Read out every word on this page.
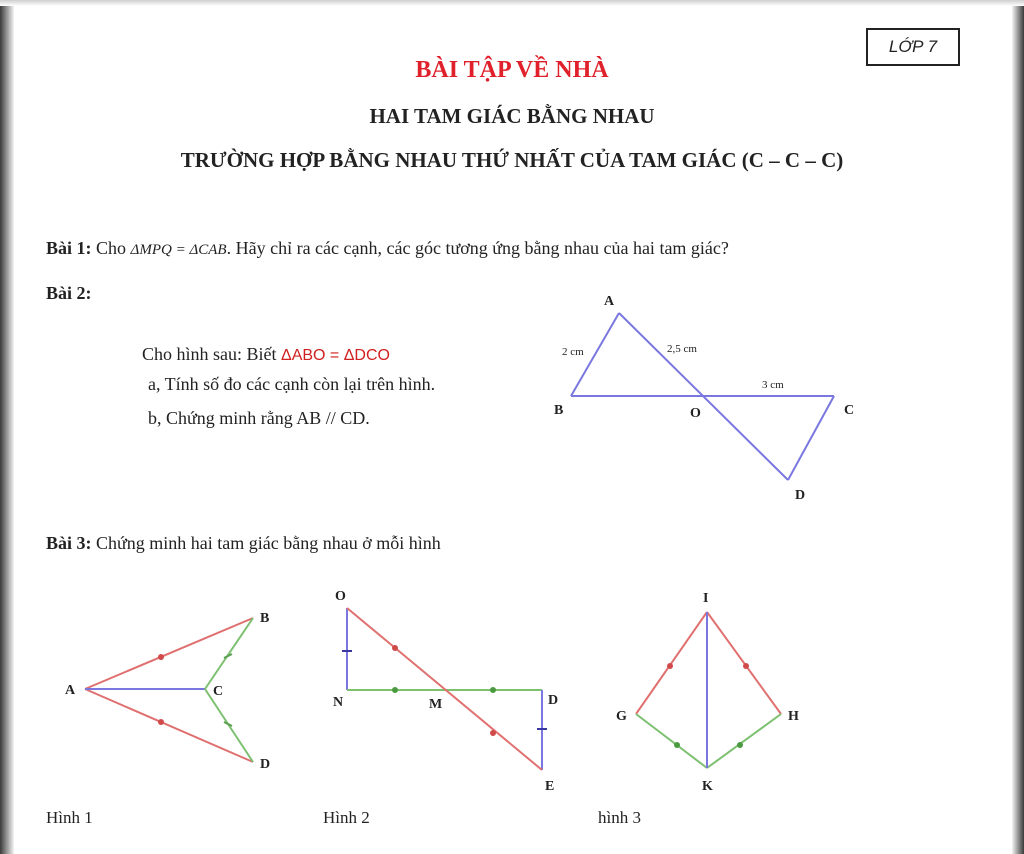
LỚP 7
BÀI TẬP VỀ NHÀ
HAI TAM GIÁC BẰNG NHAU
TRƯỜNG HỢP BẰNG NHAU THỨ NHẤT CỦA TAM GIÁC (C – C – C)
Bài 1: Cho ΔMPQ = ΔCAB. Hãy chỉ ra các cạnh, các góc tương ứng bằng nhau của hai tam giác?
Bài 2:
Cho hình sau: Biết ΔABO = ΔDCO
a, Tính số đo các cạnh còn lại trên hình.
b, Chứng minh rằng AB // CD.
A
B	O	C
D
2 cm	2,5 cm
3 cm
Bài 3: Chứng minh hai tam giác bằng nhau ở mỗi hình
A
B
C
D
O
N	M	D
E
I
G	H
K
Hình 1	Hình 2	hình 3
